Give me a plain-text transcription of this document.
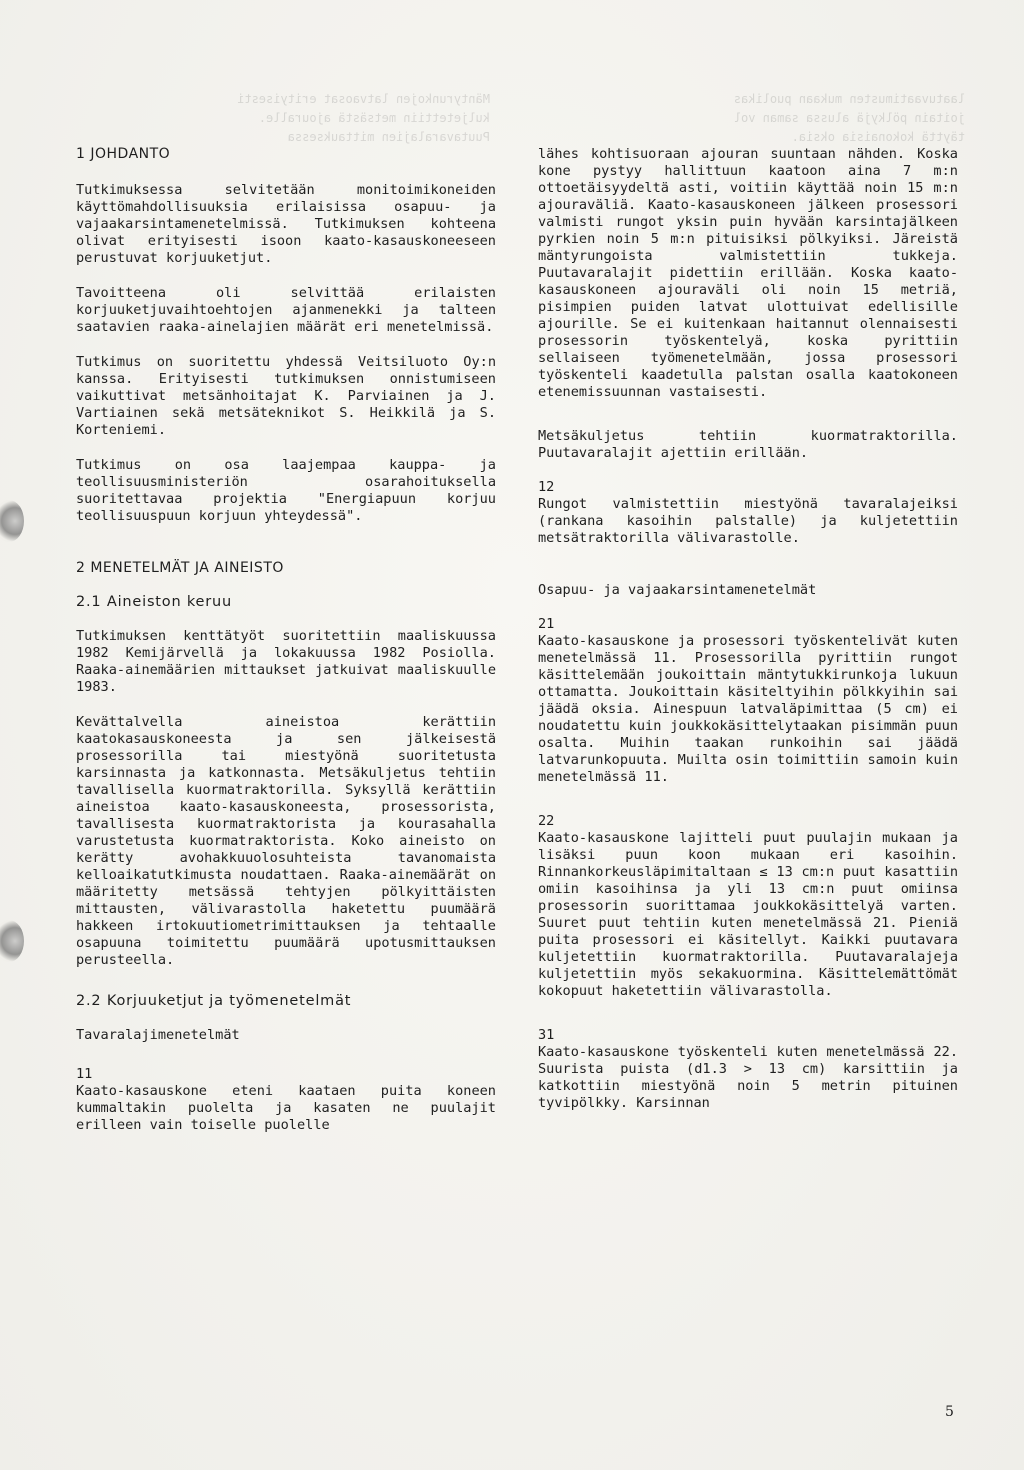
Mäntyrunkojen latvaosat erityisesti
kuljetettiin metsästä ajouralle.
Puutavaralajien mittauksessa
laatuvaatimusten mukaan puolikas
joitain pölkyjä alussa saman vol
täyttä kokonaisia oksia.
1 JOHDANTO

Tutkimuksessa selvitetään monitoimikoneiden käyttömahdollisuuksia erilaisissa osapuu- ja vajaakarsintamenetelmissä. Tutkimuksen kohteena olivat erityisesti isoon kaato-kasauskoneeseen perustuvat korjuuketjut.

Tavoitteena oli selvittää erilaisten korjuuketjuvaihtoehtojen ajanmenekki ja talteen saatavien raaka-ainelajien määrät eri menetelmissä.

Tutkimus on suoritettu yhdessä Veitsiluoto Oy:n kanssa. Erityisesti tutkimuksen onnistumiseen vaikuttivat metsänhoitajat K. Parviainen ja J. Vartiainen sekä metsäteknikot S. Heikkilä ja S. Korteniemi.

Tutkimus on osa laajempaa kauppa- ja teollisuusministeriön osarahoituksella suoritettavaa projektia "Energiapuun korjuu teollisuuspuun korjuun yhteydessä".

2 MENETELMÄT JA AINEISTO
2.1 Aineiston keruu

Tutkimuksen kenttätyöt suoritettiin maaliskuussa 1982 Kemijärvellä ja lokakuussa 1982 Posiolla. Raaka-ainemäärien mittaukset jatkuivat maaliskuulle 1983.

Kevättalvella aineistoa kerättiin kaatokasauskoneesta ja sen jälkeisestä prosessorilla tai miestyönä suoritetusta karsinnasta ja katkonnasta. Metsäkuljetus tehtiin tavallisella kuormatraktorilla. Syksyllä kerättiin aineistoa kaato-kasauskoneesta, prosessorista, tavallisesta kuormatraktorista ja kourasahalla varustetusta kuormatraktorista. Koko aineisto on kerätty avohakkuuolosuhteista tavanomaista kelloaikatutkimusta noudattaen. Raaka-ainemäärät on määritetty metsässä tehtyjen pölkyittäisten mittausten, välivarastolla haketettu puumäärä hakkeen irtokuutiometrimittauksen ja tehtaalle osapuuna toimitettu puumäärä upotusmittauksen perusteella.

2.2 Korjuuketjut ja työmenetelmät

Tavaralajimenetelmät

11

Kaato-kasauskone eteni kaataen puita koneen kummaltakin puolelta ja kasaten ne puulajit erilleen vain toiselle puolelle

lähes kohtisuoraan ajouran suuntaan nähden. Koska kone pystyy hallittuun kaatoon aina 7 m:n ottoetäisyydeltä asti, voitiin käyttää noin 15 m:n ajouraväliä. Kaato-kasauskoneen jälkeen prosessori valmisti rungot yksin puin hyvään karsintajälkeen pyrkien noin 5 m:n pituisiksi pölkyiksi. Järeistä mäntyrungoista valmistettiin tukkeja. Puutavaralajit pidettiin erillään. Koska kaato-kasauskoneen ajouraväli oli noin 15 metriä, pisimpien puiden latvat ulottuivat edellisille ajourille. Se ei kuitenkaan haitannut olennaisesti prosessorin työskentelyä, koska pyrittiin sellaiseen työmenetelmään, jossa prosessori työskenteli kaadetulla palstan osalla kaatokoneen etenemissuunnan vastaisesti.

Metsäkuljetus tehtiin kuormatraktorilla. Puutavaralajit ajettiin erillään.

12

Rungot valmistettiin miestyönä tavaralajeiksi (rankana kasoihin palstalle) ja kuljetettiin metsätraktorilla välivarastolle.

Osapuu- ja vajaakarsintamenetelmät

21

Kaato-kasauskone ja prosessori työskentelivät kuten menetelmässä 11. Prosessorilla pyrittiin rungot käsittelemään joukoittain mäntytukkirunkoja lukuun ottamatta. Joukoittain käsiteltyihin pölkkyihin sai jäädä oksia. Ainespuun latvaläpimittaa (5 cm) ei noudatettu kuin joukkokäsittelytaakan pisimmän puun osalta. Muihin taakan runkoihin sai jäädä latvarunkopuuta. Muilta osin toimittiin samoin kuin menetelmässä 11.

22

Kaato-kasauskone lajitteli puut puulajin mukaan ja lisäksi puun koon mukaan eri kasoihin. Rinnankorkeusläpimitaltaan ≤ 13 cm:n puut kasattiin omiin kasoihinsa ja yli 13 cm:n puut omiinsa prosessorin suorittamaa joukkokäsittelyä varten. Suuret puut tehtiin kuten menetelmässä 21. Pieniä puita prosessori ei käsitellyt. Kaikki puutavara kuljetettiin kuormatraktorilla. Puutavaralajeja kuljetettiin myös sekakuormina. Käsittelemättömät kokopuut haketettiin välivarastolla.

31

Kaato-kasauskone työskenteli kuten menetelmässä 22. Suurista puista (d1.3 > 13 cm) karsittiin ja katkottiin miestyönä noin 5 metrin pituinen tyvipölkky. Karsinnan

5
